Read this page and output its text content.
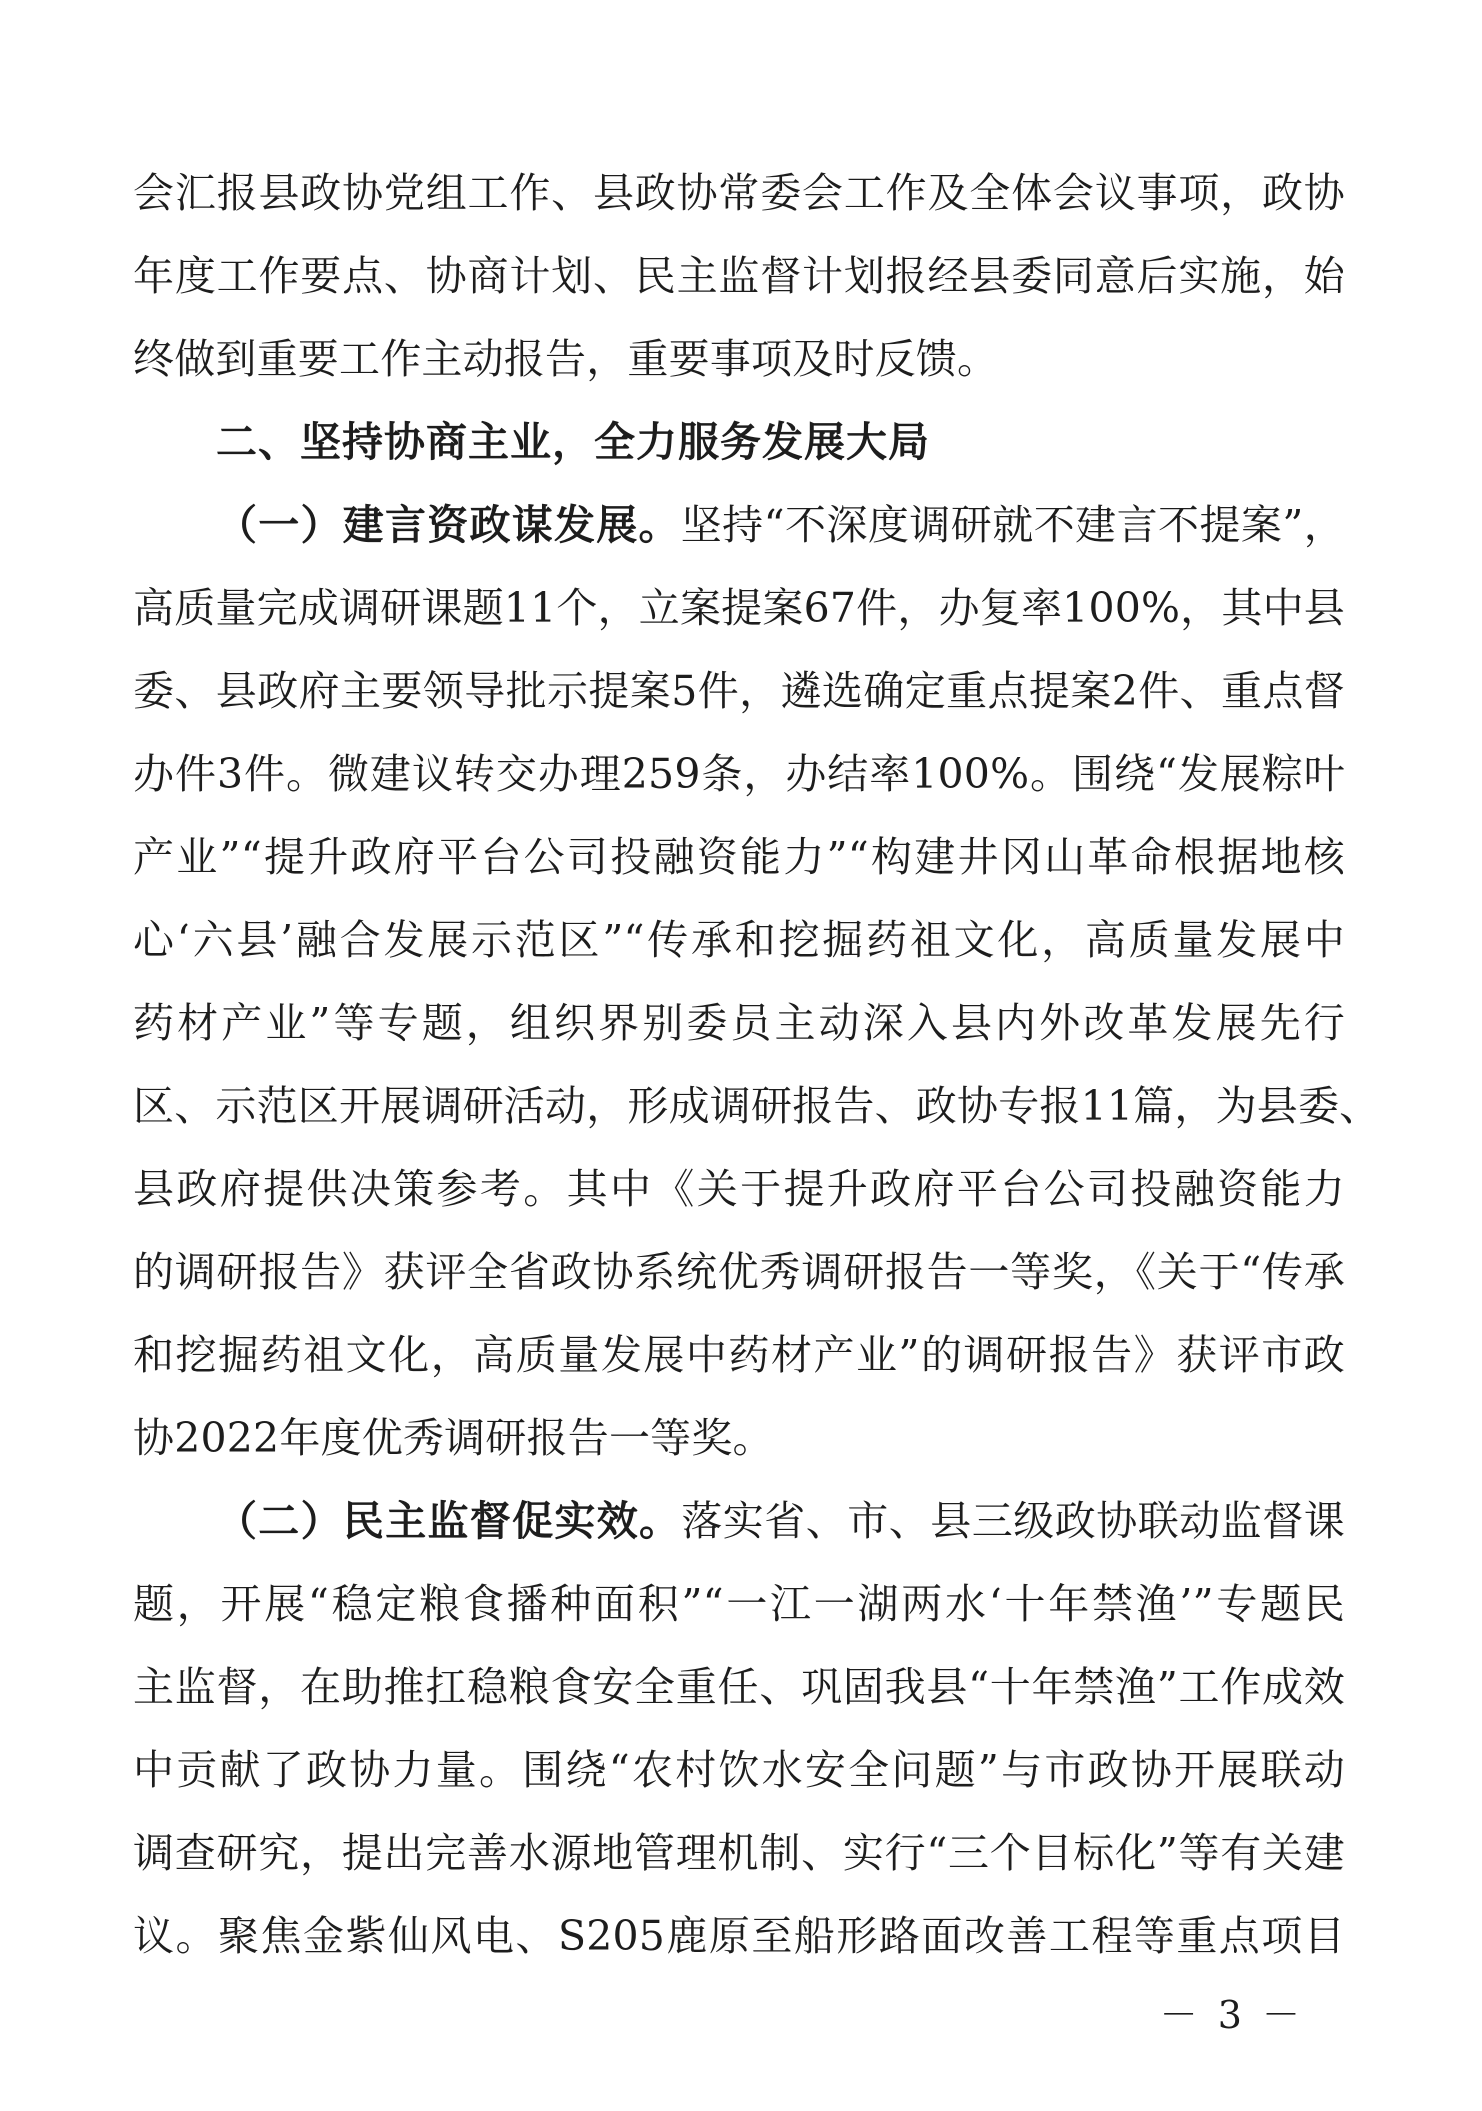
会汇报县政协党组工作、县政协常委会工作及全体会议事项，政协
年度工作要点、协商计划、民主监督计划报经县委同意后实施，始
终做到重要工作主动报告，重要事项及时反馈。
二、坚持协商主业，全力服务发展大局
（一）建言资政谋发展。坚持“不深度调研就不建言不提案”，
高质量完成调研课题11个，立案提案67件，办复率100%，其中县
委、县政府主要领导批示提案5件，遴选确定重点提案2件、重点督
办件3件。微建议转交办理259条，办结率100%。围绕“发展粽叶
产业”“提升政府平台公司投融资能力”“构建井冈山革命根据地核
心‘六县’融合发展示范区”“传承和挖掘药祖文化，高质量发展中
药材产业”等专题，组织界别委员主动深入县内外改革发展先行
区、示范区开展调研活动，形成调研报告、政协专报11篇，为县委、
县政府提供决策参考。其中《关于提升政府平台公司投融资能力
的调研报告》获评全省政协系统优秀调研报告一等奖，《关于“传承
和挖掘药祖文化，高质量发展中药材产业”的调研报告》获评市政
协2022年度优秀调研报告一等奖。
（二）民主监督促实效。落实省、市、县三级政协联动监督课
题，开展“稳定粮食播种面积”“一江一湖两水‘十年禁渔’”专题民
主监督，在助推扛稳粮食安全重任、巩固我县“十年禁渔”工作成效
中贡献了政协力量。围绕“农村饮水安全问题”与市政协开展联动
调查研究，提出完善水源地管理机制、实行“三个目标化”等有关建
议。聚焦金紫仙风电、S205鹿原至船形路面改善工程等重点项目
－ 3 －
